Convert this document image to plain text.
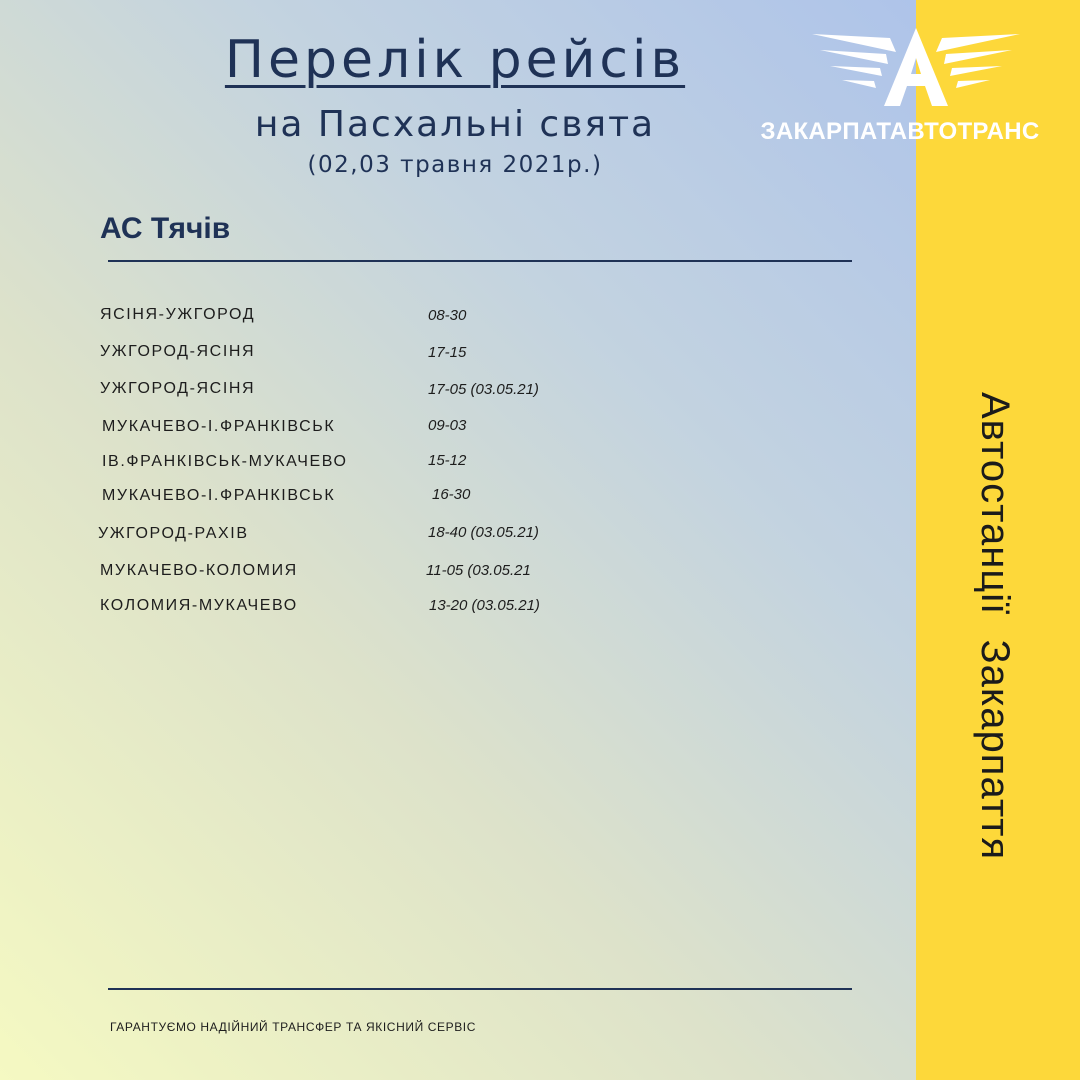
Автостанції  Закарпаття
ЗАКАРПАТАВТОТРАНС
Перелік рейсів
на Пасхальні свята
(02,03 травня 2021р.)
АС Тячів
ЯСІНЯ-УЖГОРОД	08-30
УЖГОРОД-ЯСІНЯ	17-15
УЖГОРОД-ЯСІНЯ	17-05 (03.05.21)
МУКАЧЕВО-І.ФРАНКІВСЬК	09-03
ІВ.ФРАНКІВСЬК-МУКАЧЕВО	15-12
МУКАЧЕВО-І.ФРАНКІВСЬК	16-30
УЖГОРОД-РАХІВ	18-40 (03.05.21)
МУКАЧЕВО-КОЛОМИЯ	11-05 (03.05.21
КОЛОМИЯ-МУКАЧЕВО	13-20 (03.05.21)
ГАРАНТУЄМО НАДІЙНИЙ ТРАНСФЕР ТА ЯКІСНИЙ СЕРВІС
